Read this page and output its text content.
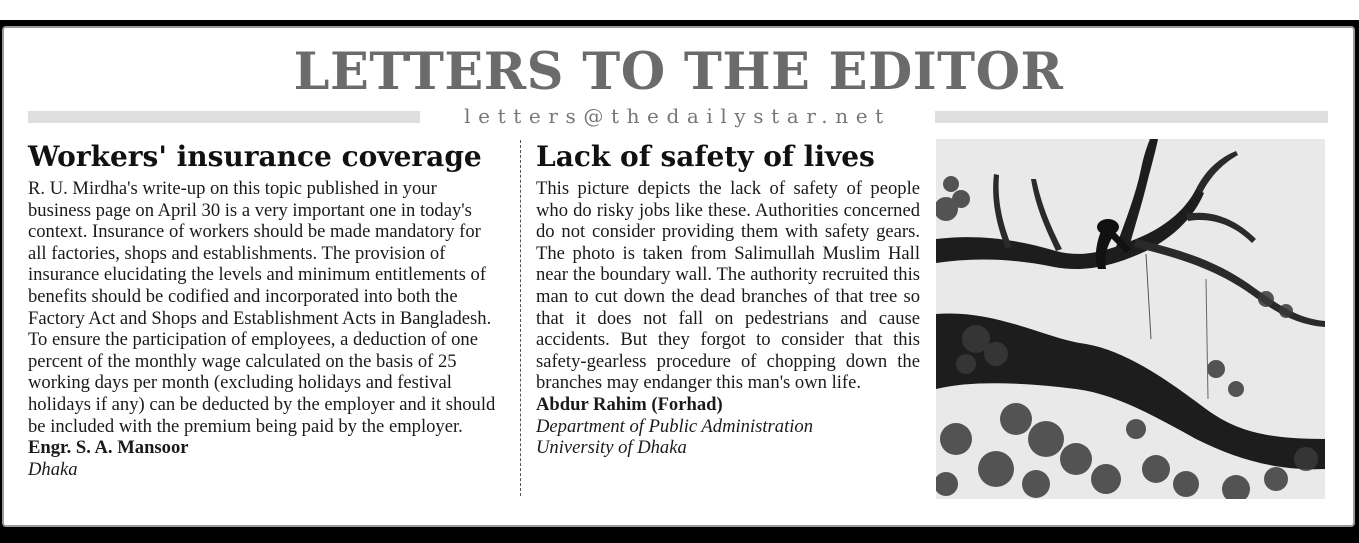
LETTERS TO THE EDITOR
letters@thedailystar.net
Workers' insurance coverage

R. U. Mirdha's write-up on this topic published in your business page on April 30 is a very important one in today's context. Insurance of workers should be made mandatory for all factories, shops and establishments. The provision of insurance elucidating the levels and minimum entitlements of benefits should be codified and incorporated into both the Factory Act and Shops and Establishment Acts in Bangladesh. To ensure the participation of employees, a deduction of one percent of the monthly wage calculated on the basis of 25 working days per month (excluding holidays and festival holidays if any) can be deducted by the employer and it should be included with the premium being paid by the employer.

Engr. S. A. Mansoor

Dhaka

Lack of safety of lives

This picture depicts the lack of safety of people who do risky jobs like these. Authorities concerned do not consider providing them with safety gears. The photo is taken from Salimullah Muslim Hall near the boundary wall. The authority recruited this man to cut down the dead branches of that tree so that it does not fall on pedestrians and cause accidents. But they forgot to consider that this safety-gearless procedure of chopping down the branches may endanger this man's own life.

Abdur Rahim (Forhad)

Department of Public Administration

University of Dhaka
